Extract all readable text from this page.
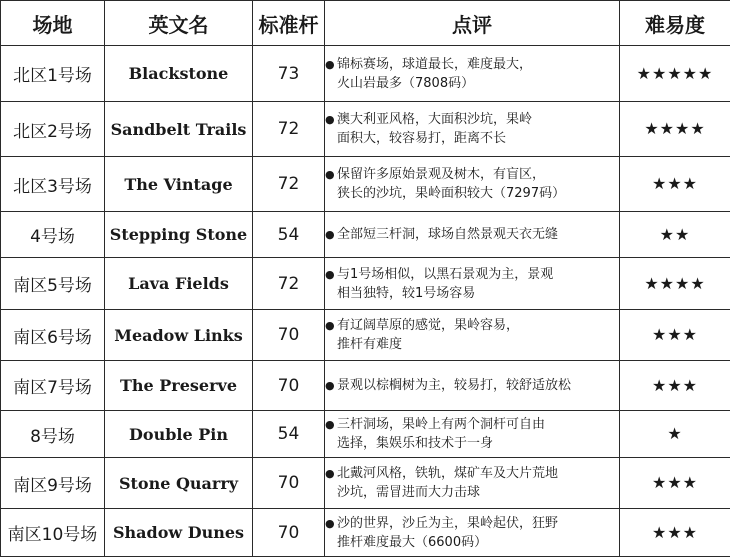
场地	英文名	标准杆	点评	难易度
北区1号场	Blackstone	73	● 锦标赛场，球道最长，难度最大，
火山岩最多（7808码）	★★★★★
北区2号场	Sandbelt Trails	72	● 澳大利亚风格，大面积沙坑，果岭
面积大，较容易打，距离不长	★★★★
北区3号场	The Vintage	72	● 保留许多原始景观及树木，有盲区，
狭长的沙坑，果岭面积较大（7297码）	★★★
4号场	Stepping Stone	54	● 全部短三杆洞，球场自然景观天衣无缝	★★
南区5号场	Lava Fields	72	● 与1号场相似，以黑石景观为主，景观
相当独特，较1号场容易	★★★★
南区6号场	Meadow Links	70	● 有辽阔草原的感觉，果岭容易，
推杆有难度	★★★
南区7号场	The Preserve	70	● 景观以棕榈树为主，较易打，较舒适放松	★★★
8号场	Double Pin	54	● 三杆洞场，果岭上有两个洞杆可自由
选择，集娱乐和技术于一身	★
南区9号场	Stone Quarry	70	● 北戴河风格，铁轨，煤矿车及大片荒地
沙坑，需冒进而大力击球	★★★
南区10号场	Shadow Dunes	70	● 沙的世界，沙丘为主，果岭起伏，狂野
推杆难度最大（6600码）	★★★
